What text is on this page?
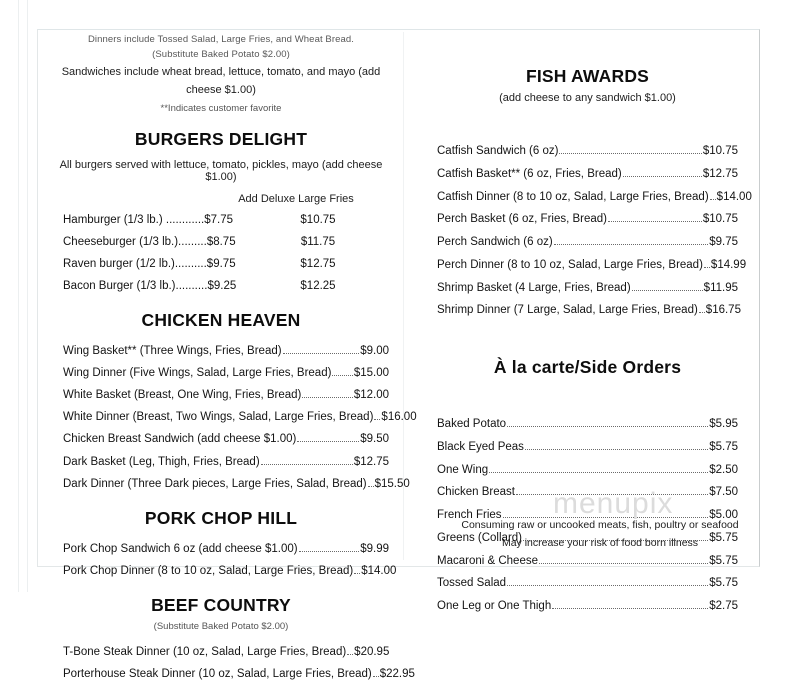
Dinners include Tossed Salad, Large Fries, and Wheat Bread.
(Substitute Baked Potato $2.00)
Sandwiches include wheat bread, lettuce, tomato, and mayo (add cheese $1.00)
**Indicates customer favorite
BURGERS DELIGHT
All burgers served with lettuce, tomato, pickles, mayo (add cheese $1.00)
Add Deluxe Large Fries
Hamburger (1/3 lb.) ............$7.75	$10.75
Cheeseburger (1/3 lb.).........$8.75	$11.75
Raven burger (1/2 lb.)..........$9.75	$12.75
Bacon Burger (1/3 lb.)..........$9.25	$12.25
CHICKEN HEAVEN
Wing Basket** (Three Wings, Fries, Bread)	$9.00
Wing Dinner (Five Wings, Salad, Large Fries, Bread) $15.00
White Basket (Breast, One Wing, Fries, Bread)	$12.00
White Dinner (Breast, Two Wings, Salad, Large Fries, Bread) $16.00
Chicken Breast Sandwich (add cheese $1.00)	$9.50
Dark Basket (Leg, Thigh, Fries, Bread)	$12.75
Dark Dinner (Three Dark pieces, Large Fries, Salad, Bread) $15.50
PORK CHOP HILL
Pork Chop Sandwich 6 oz (add cheese $1.00)	$9.99
Pork Chop Dinner (8 to 10 oz, Salad, Large Fries, Bread) $14.00
BEEF COUNTRY
(Substitute Baked Potato $2.00)
T-Bone Steak Dinner (10 oz, Salad, Large Fries, Bread) $20.95
Porterhouse Steak Dinner (10 oz, Salad, Large Fries, Bread) $22.95
FISH AWARDS
(add cheese to any sandwich $1.00)
Catfish Sandwich (6 oz)	$10.75
Catfish Basket** (6 oz, Fries, Bread)	$12.75
Catfish Dinner (8 to 10 oz, Salad, Large Fries, Bread) $14.00
Perch Basket (6 oz, Fries, Bread)	$10.75
Perch Sandwich (6 oz)	$9.75
Perch Dinner (8 to 10 oz, Salad, Large Fries, Bread) $14.99
Shrimp Basket (4 Large, Fries, Bread)	$11.95
Shrimp Dinner (7 Large, Salad, Large Fries, Bread) $16.75
À la carte/Side Orders
Baked Potato	$5.95
Black Eyed Peas	$5.75
One Wing	$2.50
Chicken Breast	$7.50
French Fries	$5.00
Greens (Collard)	$5.75
Macaroni & Cheese	$5.75
Tossed Salad	$5.75
One Leg or One Thigh	$2.75
menupix
Consuming raw or uncooked meats, fish, poultry or seafood
May increase your risk of food born illness
